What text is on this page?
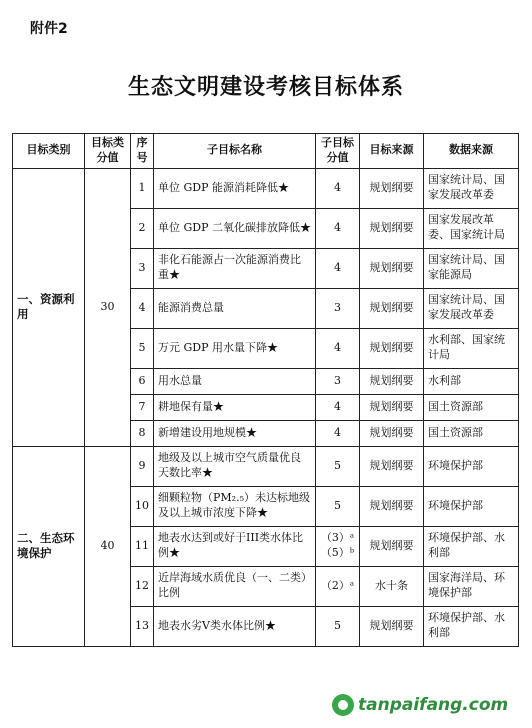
附件2
生态文明建设考核目标体系
目标类别	目标类分值	序号	子目标名称	子目标分值	目标来源	数据来源
一、资源利用	30	1	单位 GDP 能源消耗降低★	4	规划纲要	国家统计局、国家发展改革委
		2	单位 GDP 二氧化碳排放降低★	4	规划纲要	国家发展改革委、国家统计局
		3	非化石能源占一次能源消费比重★	4	规划纲要	国家统计局、国家能源局
		4	能源消费总量	3	规划纲要	国家统计局、国家发展改革委
		5	万元 GDP 用水量下降★	4	规划纲要	水利部、国家统计局
		6	用水总量	3	规划纲要	水利部
		7	耕地保有量★	4	规划纲要	国土资源部
		8	新增建设用地规模★	4	规划纲要	国土资源部
二、生态环境保护	40	9	地级及以上城市空气质量优良天数比率★	5	规划纲要	环境保护部
		10	细颗粒物（PM₂.₅）未达标地级及以上城市浓度下降★	5	规划纲要	环境保护部
		11	地表水达到或好于III类水体比例★	（3）ᵃ（5）ᵇ	规划纲要	环境保护部、水利部
		12	近岸海域水质优良（一、二类）比例	（2）ᵃ	水十条	国家海洋局、环境保护部
		13	地表水劣V类水体比例★	5	规划纲要	环境保护部、水利部
tanpaifang.com
